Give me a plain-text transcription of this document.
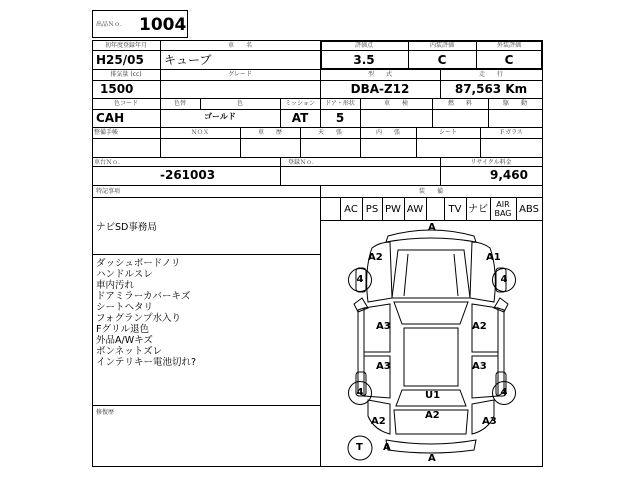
出品Ｎｏ． 1004
初年度登録年月
H25/05
車　　名
キューブ
評価点
3.5
内装評価
C
外装評価
C
排気量 (cc)
1500
グレード	型　　式
DBA-Z12
走　　行
87,563 Km
色コード
CAH
色替	色
ゴールド
ミッション
AT
ドア・形状
5
車　　検	燃　　料	駆　　動
整備手帳	ＮＯＸ	車　　歴	天　　張	内　　張	シート	Ｆガラス
車台Ｎｏ．
-261003
登録Ｎｏ．	リサイクル料金
9,460
特記事項
ナビSD事務局
ダッシュボードノリ
ハンドルスレ
車内汚れ
ドアミラーカバーキズ
シートヘタリ
フォグランプ水入り
Fグリル退色
外品A/Wキズ
ボンネットズレ
インテリキー電池切れ?
修復歴
装　　備
AC PS PW AW	TV ナビ	AIR BAG ABS
A
A2	A1
4	4
A3	A2
A3	A3
4	4
U1
A2
A2	A3
T A
A
